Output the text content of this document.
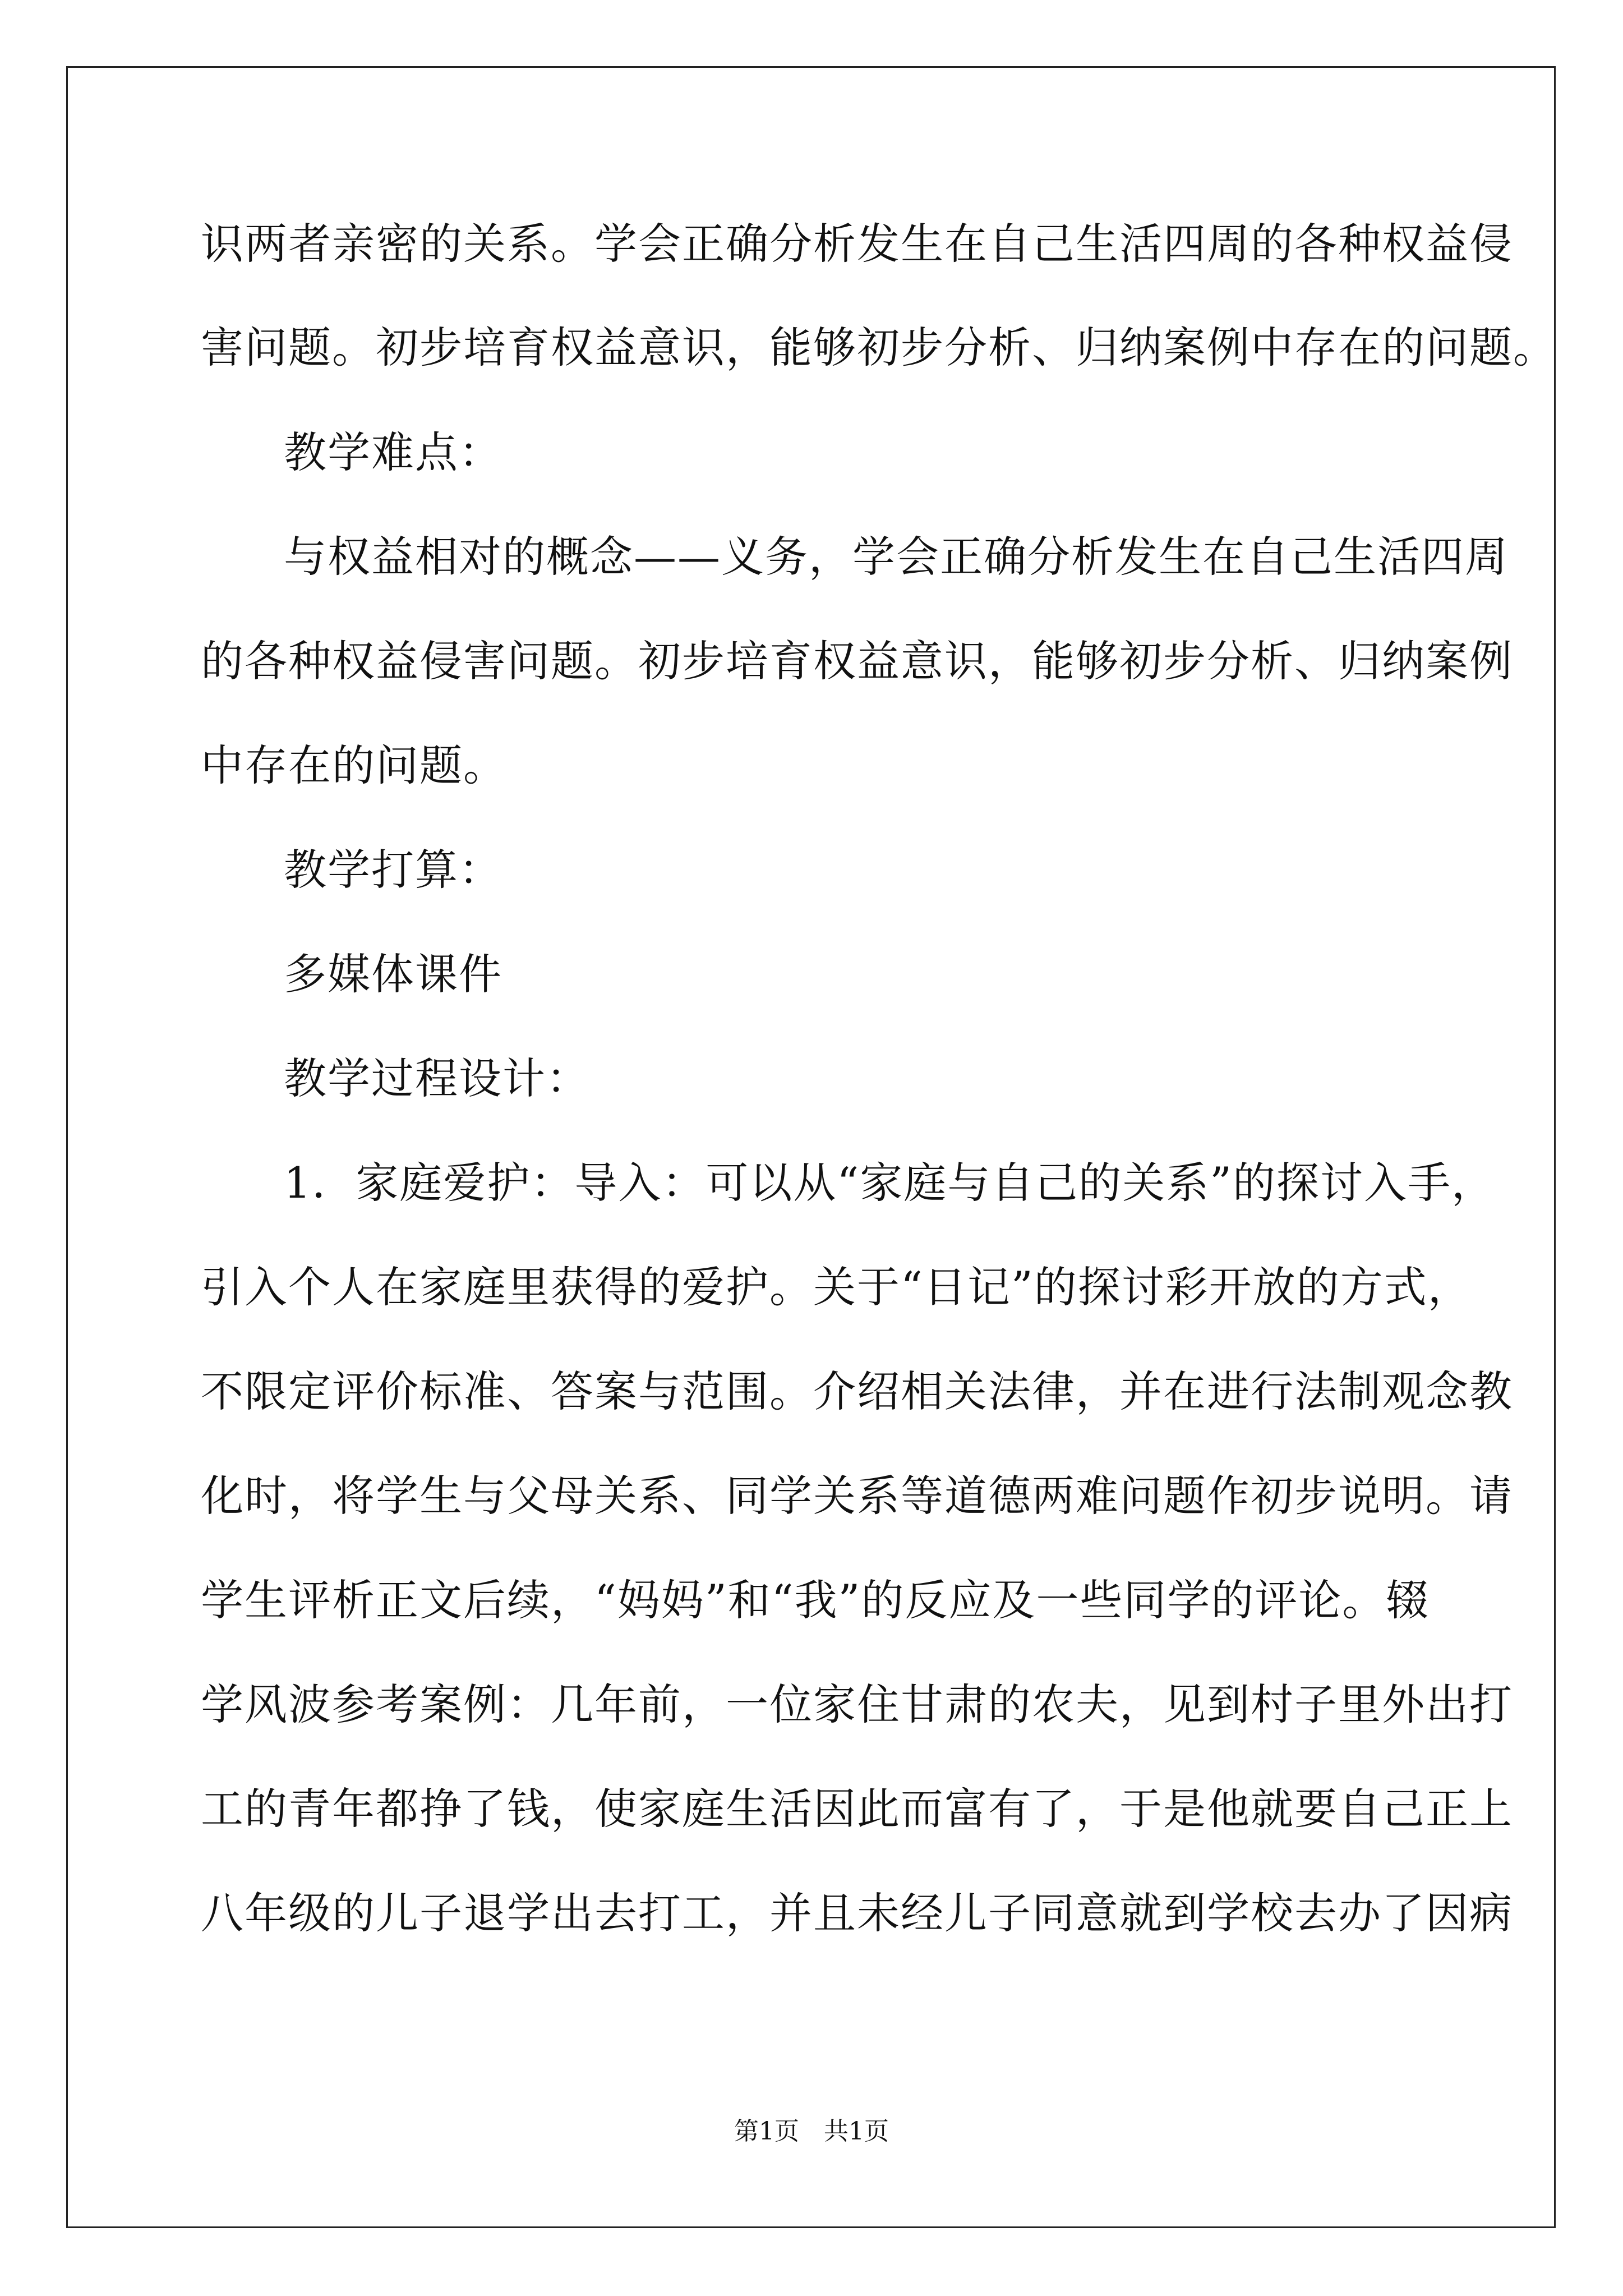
识两者亲密的关系。学会正确分析发生在自己生活四周的各种权益侵
害问题。初步培育权益意识，能够初步分析、归纳案例中存在的问题。
教学难点：
与权益相对的概念——义务，学会正确分析发生在自己生活四周
的各种权益侵害问题。初步培育权益意识，能够初步分析、归纳案例
中存在的问题。
教学打算：
多媒体课件
教学过程设计：
1．家庭爱护：导入：可以从“家庭与自己的关系”的探讨入手，
引入个人在家庭里获得的爱护。关于“日记”的探讨彩开放的方式，
不限定评价标准、答案与范围。介绍相关法律，并在进行法制观念教
化时，将学生与父母关系、同学关系等道德两难问题作初步说明。请
学生评析正文后续，“妈妈”和“我”的反应及一些同学的评论。辍
学风波参考案例：几年前，一位家住甘肃的农夫，见到村子里外出打
工的青年都挣了钱，使家庭生活因此而富有了，于是他就要自己正上
八年级的儿子退学出去打工，并且未经儿子同意就到学校去办了因病
第1页　共1页
